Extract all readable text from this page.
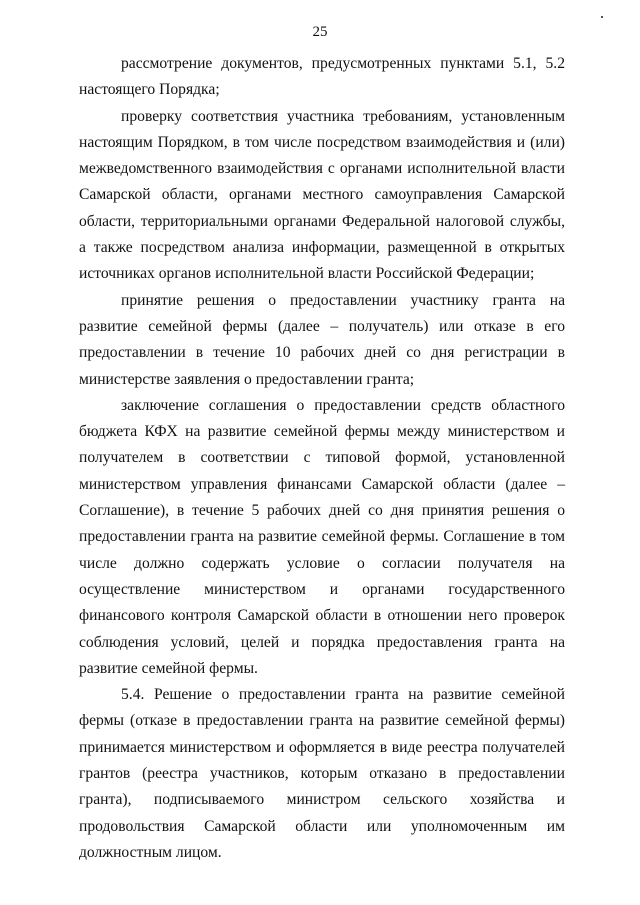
25

рассмотрение документов, предусмотренных пунктами 5.1, 5.2 настоящего Порядка;

проверку соответствия участника требованиям, установленным настоящим Порядком, в том числе посредством взаимодействия и (или) межведомственного взаимодействия с органами исполнительной власти Самарской области, органами местного самоуправления Самарской области, территориальными органами Федеральной налоговой службы, а также посредством анализа информации, размещенной в открытых источниках органов исполнительной власти Российской Федерации;

принятие решения о предоставлении участнику гранта на развитие семейной фермы (далее – получатель) или отказе в его предоставлении в течение 10 рабочих дней со дня регистрации в министерстве заявления о предоставлении гранта;

заключение соглашения о предоставлении средств областного бюджета КФХ на развитие семейной фермы между министерством и получателем в соответствии с типовой формой, установленной министерством управления финансами Самарской области (далее – Соглашение), в течение 5 рабочих дней со дня принятия решения о предоставлении гранта на развитие семейной фермы. Соглашение в том числе должно содержать условие о согласии получателя на осуществление министерством и органами государственного финансового контроля Самарской области в отношении него проверок соблюдения условий, целей и порядка предоставления гранта на развитие семейной фермы.

5.4. Решение о предоставлении гранта на развитие семейной фермы (отказе в предоставлении гранта на развитие семейной фермы) принимается министерством и оформляется в виде реестра получателей грантов (реестра участников, которым отказано в предоставлении гранта), подписываемого министром сельского хозяйства и продовольствия Самарской области или уполномоченным им должностным лицом.
